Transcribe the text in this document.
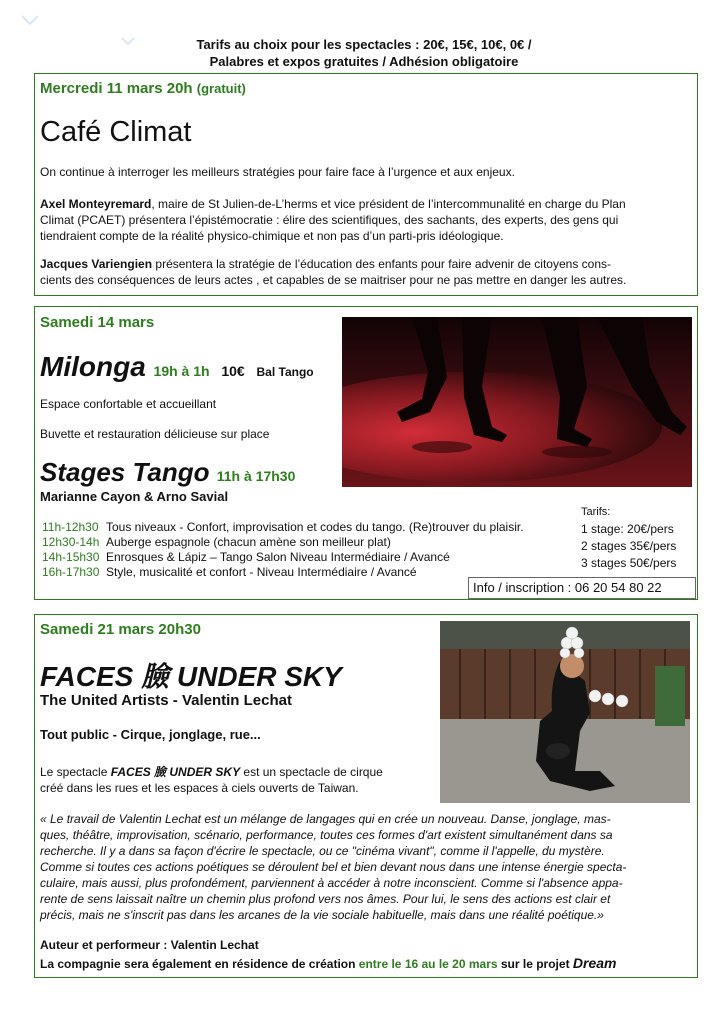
Tarifs au choix pour les spectacles : 20€, 15€, 10€, 0€ /
Palabres et expos gratuites / Adhésion obligatoire
Mercredi 11 mars 20h (gratuit)
Café Climat
On continue à interroger les meilleurs stratégies pour faire face à l’urgence et aux enjeux.
Axel Monteyremard, maire de St Julien-de-L’herms et vice président de l’intercommunalité en charge du Plan
Climat (PCAET) présentera l’épistémocratie : élire des scientifiques, des sachants, des experts, des gens qui
tiendraient compte de la réalité physico-chimique et non pas d’un parti-pris idéologique.
Jacques Variengien présentera la stratégie de l’éducation des enfants pour faire advenir de citoyens cons-
cients des conséquences de leurs actes , et capables de se maitriser pour ne pas mettre en danger les autres.
Samedi 14 mars
Milonga 19h à 1h 10€ Bal Tango
Espace confortable et accueillant
Buvette et restauration délicieuse sur place
Stages Tango 11h à 17h30
Marianne Cayon & Arno Savial
11h-12h30 Tous niveaux - Confort, improvisation et codes du tango. (Re)trouver du plaisir.
12h30-14h Auberge espagnole (chacun amène son meilleur plat)
14h-15h30 Enrosques & Lápiz – Tango Salon Niveau Intermédiaire / Avancé
16h-17h30 Style, musicalité et confort - Niveau Intermédiaire / Avancé
Tarifs:
1 stage: 20€/pers
2 stages 35€/pers
3 stages 50€/pers
Info / inscription : 06 20 54 80 22
Samedi 21 mars 20h30
FACES 臉 UNDER SKY
The United Artists - Valentin Lechat
Tout public - Cirque, jonglage, rue...
Le spectacle FACES 臉 UNDER SKY est un spectacle de cirque
créé dans les rues et les espaces à ciels ouverts de Taiwan.
« Le travail de Valentin Lechat est un mélange de langages qui en crée un nouveau. Danse, jonglage, mas-
ques, théâtre, improvisation, scénario, performance, toutes ces formes d'art existent simultanément dans sa
recherche. Il y a dans sa façon d'écrire le spectacle, ou ce "cinéma vivant", comme il l'appelle, du mystère.
Comme si toutes ces actions poétiques se déroulent bel et bien devant nous dans une intense énergie specta-
culaire, mais aussi, plus profondément, parviennent à accéder à notre inconscient. Comme si l'absence appa-
rente de sens laissait naître un chemin plus profond vers nos âmes. Pour lui, le sens des actions est clair et
précis, mais ne s'inscrit pas dans les arcanes de la vie sociale habituelle, mais dans une réalité poétique.»
Auteur et performeur : Valentin Lechat
La compagnie sera également en résidence de création entre le 16 au le 20 mars sur le projet Dream
